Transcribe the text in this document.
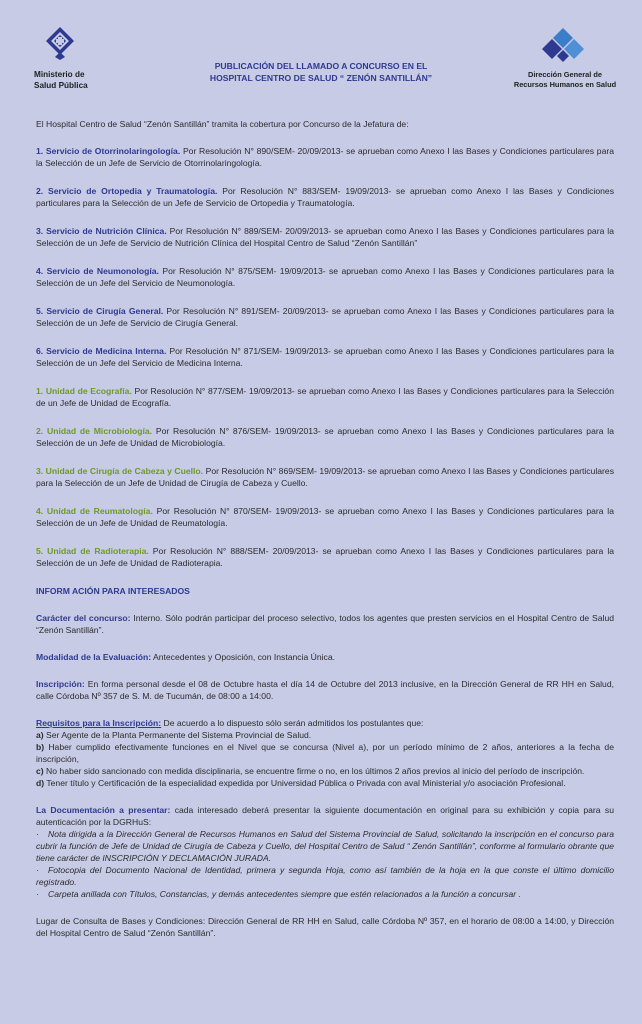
Ministerio de
Salud Pública
PUBLICACIÓN DEL LLAMADO A CONCURSO EN EL
HOSPITAL CENTRO DE SALUD “ ZENÓN SANTILLÁN”	Dirección General de
Recursos Humanos en Salud

El Hospital Centro de Salud “Zenón Santillán” tramita la cobertura por Concurso de la Jefatura de:

1. Servicio de Otorrinolaringología. Por Resolución N° 890/SEM- 20/09/2013- se aprueban como Anexo I las Bases y Condiciones particulares para la Selección de un Jefe de Servicio de Otorrinolaringología.

2. Servicio de Ortopedia y Traumatología. Por Resolución N° 883/SEM- 19/09/2013- se aprueban como Anexo I las Bases y Condiciones particulares para la Selección de un Jefe de Servicio de Ortopedia y Traumatología.

3. Servicio de Nutrición Clínica. Por Resolución N° 889/SEM- 20/09/2013- se aprueban como Anexo I las Bases y Condiciones particulares para la Selección de un Jefe de Servicio de Nutrición Clínica del Hospital Centro de Salud “Zenón Santillán”

4. Servicio de Neumonología. Por Resolución N° 875/SEM- 19/09/2013- se aprueban como Anexo I las Bases y Condiciones particulares para la Selección de un Jefe del Servicio de Neumonología.

5. Servicio de Cirugía General. Por Resolución N° 891/SEM- 20/09/2013- se aprueban como Anexo I las Bases y Condiciones particulares para la Selección de un Jefe de Servicio de Cirugía General.

6. Servicio de Medicina Interna. Por Resolución N° 871/SEM- 19/09/2013- se aprueban como Anexo I las Bases y Condiciones particulares para la Selección de un Jefe del Servicio de Medicina Interna.

1. Unidad de Ecografía. Por Resolución N° 877/SEM- 19/09/2013- se aprueban como Anexo I las Bases y Condiciones particulares para la Selección de un Jefe de Unidad de Ecografía.

2. Unidad de Microbiología. Por Resolución N° 876/SEM- 19/09/2013- se aprueban como Anexo I las Bases y Condiciones particulares para la Selección de un Jefe de Unidad de Microbiología.

3. Unidad de Cirugía de Cabeza y Cuello. Por Resolución N° 869/SEM- 19/09/2013- se aprueban como Anexo I las Bases y Condiciones particulares para la Selección de un Jefe de Unidad de Cirugía de Cabeza y Cuello.

4. Unidad de Reumatología. Por Resolución N° 870/SEM- 19/09/2013- se aprueban como Anexo I las Bases y Condiciones particulares para la Selección de un Jefe de Unidad de Reumatología.

5. Unidad de Radioterapia. Por Resolución N° 888/SEM- 20/09/2013- se aprueban como Anexo I las Bases y Condiciones particulares para la Selección de un Jefe de Unidad de Radioterapia.

INFORM ACIÓN PARA INTERESADOS

Carácter del concurso: Interno. Sólo podrán participar del proceso selectivo, todos los agentes que presten servicios en el Hospital Centro de Salud “Zenón Santillán”.

Modalidad de la Evaluación: Antecedentes y Oposición, con Instancia Única.

Inscripción: En forma personal desde el 08 de Octubre hasta el día 14 de Octubre del 2013 inclusive, en la Dirección General de RR HH en Salud, calle Córdoba Nº 357 de S. M. de Tucumán, de 08:00 a 14:00.

Requisitos para la Inscripción: De acuerdo a lo dispuesto sólo serán admitidos los postulantes que:

a) Ser Agente de la Planta Permanente del Sistema Provincial de Salud.

b) Haber cumplido efectivamente funciones en el Nivel que se concursa (Nivel a), por un período mínimo de 2 años, anteriores a la fecha de inscripción,

c) No haber sido sancionado con medida disciplinaria, se encuentre firme o no, en los últimos 2 años previos al inicio del período de inscripción.

d) Tener título y Certificación de la especialidad expedida por Universidad Pública o Privada con aval Ministerial y/o asociación Profesional.

La Documentación a presentar: cada interesado deberá presentar la siguiente documentación en original para su exhibición y copia para su autenticación por la DGRHuS:

· Nota dirigida a la Dirección General de Recursos Humanos en Salud del Sistema Provincial de Salud, solicitando la inscripción en el concurso para cubrir la función de Jefe de Unidad de Cirugía de Cabeza y Cuello, del Hospital Centro de Salud “ Zenón Santillán”, conforme al formulario obrante que tiene carácter de INSCRIPCIÓN Y DECLAMACIÓN JURADA.

· Fotocopia del Documento Nacional de Identidad, primera y segunda Hoja, como así también de la hoja en la que conste el último domicilio registrado.

· Carpeta anillada con Títulos, Constancias, y demás antecedentes siempre que estén relacionados a la función a concursar .

Lugar de Consulta de Bases y Condiciones: Dirección General de RR HH en Salud, calle Córdoba Nº 357, en el horario de 08:00 a 14:00, y Dirección del Hospital Centro de Salud “Zenón Santillán”.
